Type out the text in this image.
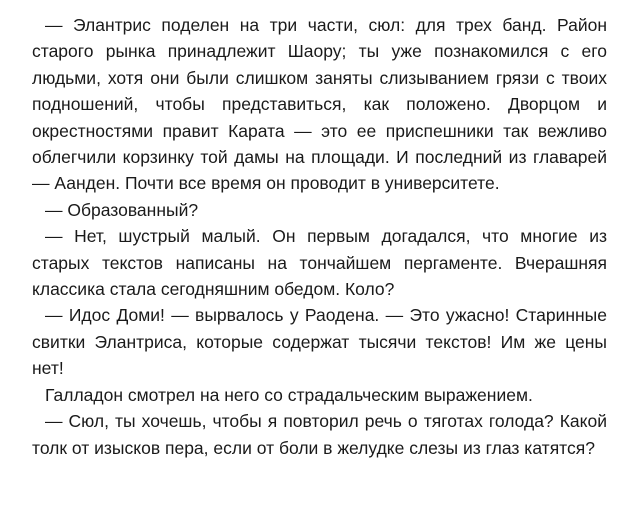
— Элантрис поделен на три части, сюл: для трех банд. Район старого рынка принадлежит Шаору; ты уже познакомился с его людьми, хотя они были слишком заняты слизыванием грязи с твоих подношений, чтобы представиться, как положено. Дворцом и окрестностями правит Карата — это ее приспешники так вежливо облегчили корзинку той дамы на площади. И последний из главарей — Аанден. Почти все время он проводит в университете.

— Образованный?

— Нет, шустрый малый. Он первым догадался, что многие из старых текстов написаны на тончайшем пергаменте. Вчерашняя классика стала сегодняшним обедом. Коло?

— Идос Доми! — вырвалось у Раодена. — Это ужасно! Старинные свитки Элантриса, которые содержат тысячи текстов! Им же цены нет!

Галладон смотрел на него со страдальческим выражением.

— Сюл, ты хочешь, чтобы я повторил речь о тяготах голода? Какой толк от изысков пера, если от боли в желудке слезы из глаз катятся?
